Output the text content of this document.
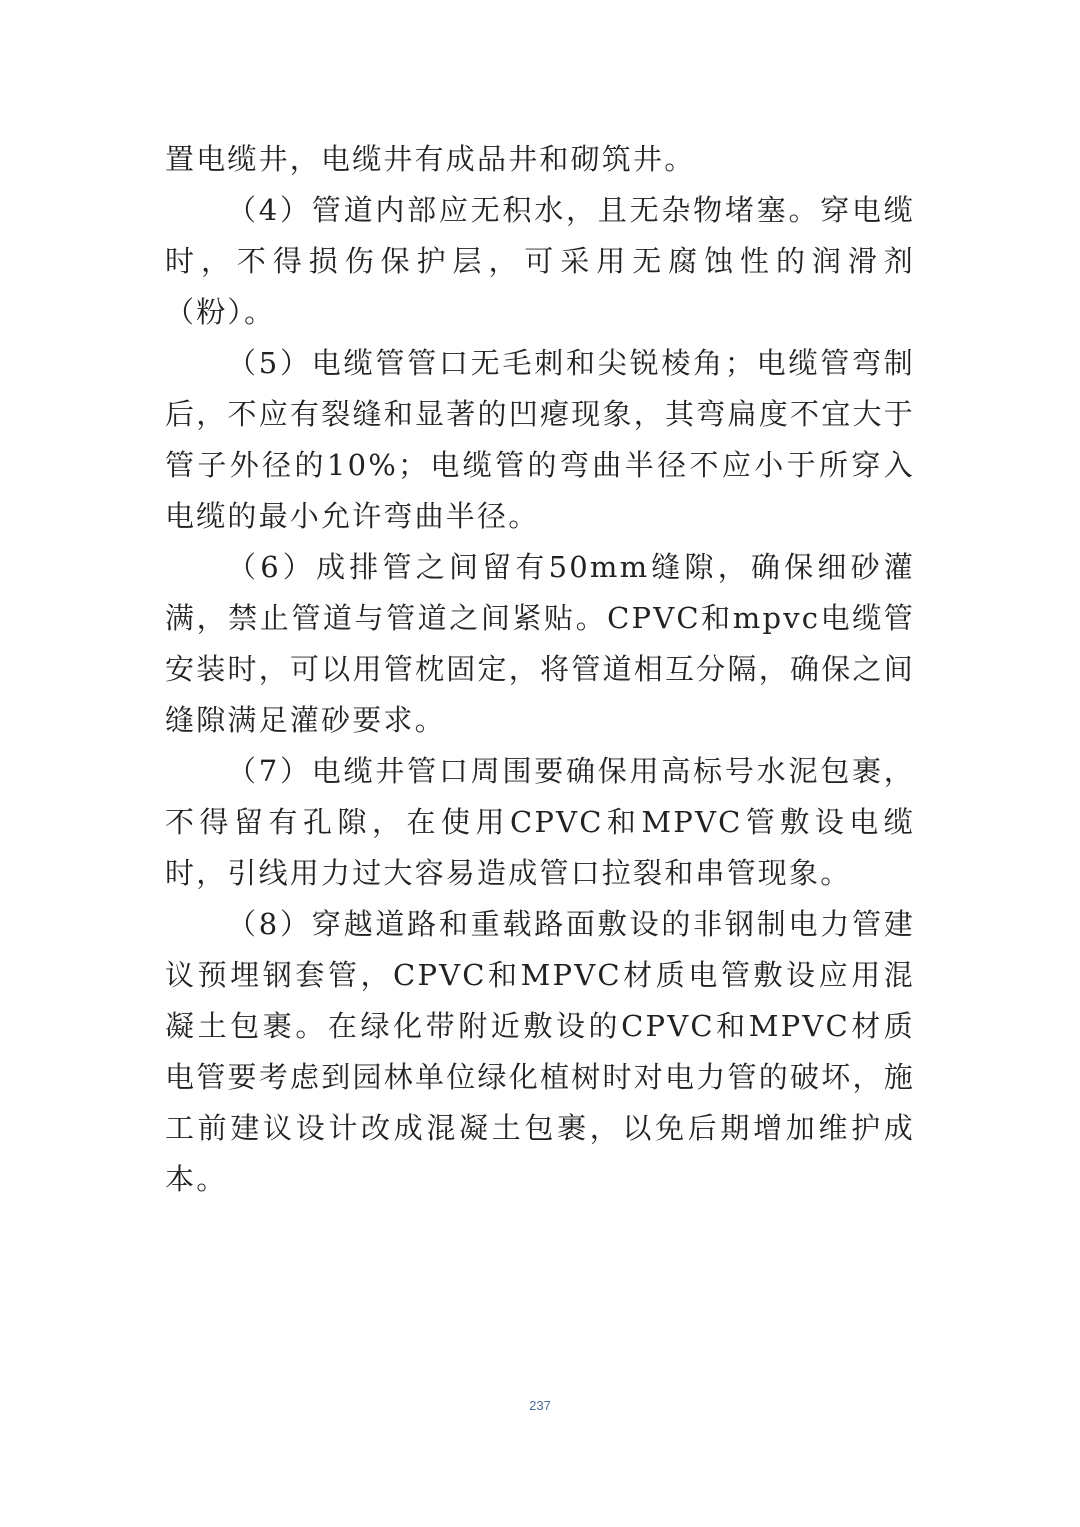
置电缆井，电缆井有成品井和砌筑井。

（4）管道内部应无积水，且无杂物堵塞。穿电缆时，不得损伤保护层，可采用无腐蚀性的润滑剂（粉）。

（5）电缆管管口无毛刺和尖锐棱角；电缆管弯制后，不应有裂缝和显著的凹瘪现象，其弯扁度不宜大于管子外径的10%；电缆管的弯曲半径不应小于所穿入电缆的最小允许弯曲半径。

（6）成排管之间留有50mm缝隙，确保细砂灌满，禁止管道与管道之间紧贴。CPVC和mpvc电缆管安装时，可以用管枕固定，将管道相互分隔，确保之间缝隙满足灌砂要求。

（7）电缆井管口周围要确保用高标号水泥包裹，不得留有孔隙，在使用CPVC和MPVC管敷设电缆时，引线用力过大容易造成管口拉裂和串管现象。

（8）穿越道路和重载路面敷设的非钢制电力管建议预埋钢套管，CPVC和MPVC材质电管敷设应用混凝土包裹。在绿化带附近敷设的CPVC和MPVC材质电管要考虑到园林单位绿化植树时对电力管的破坏，施工前建议设计改成混凝土包裹，以免后期增加维护成本。

237
